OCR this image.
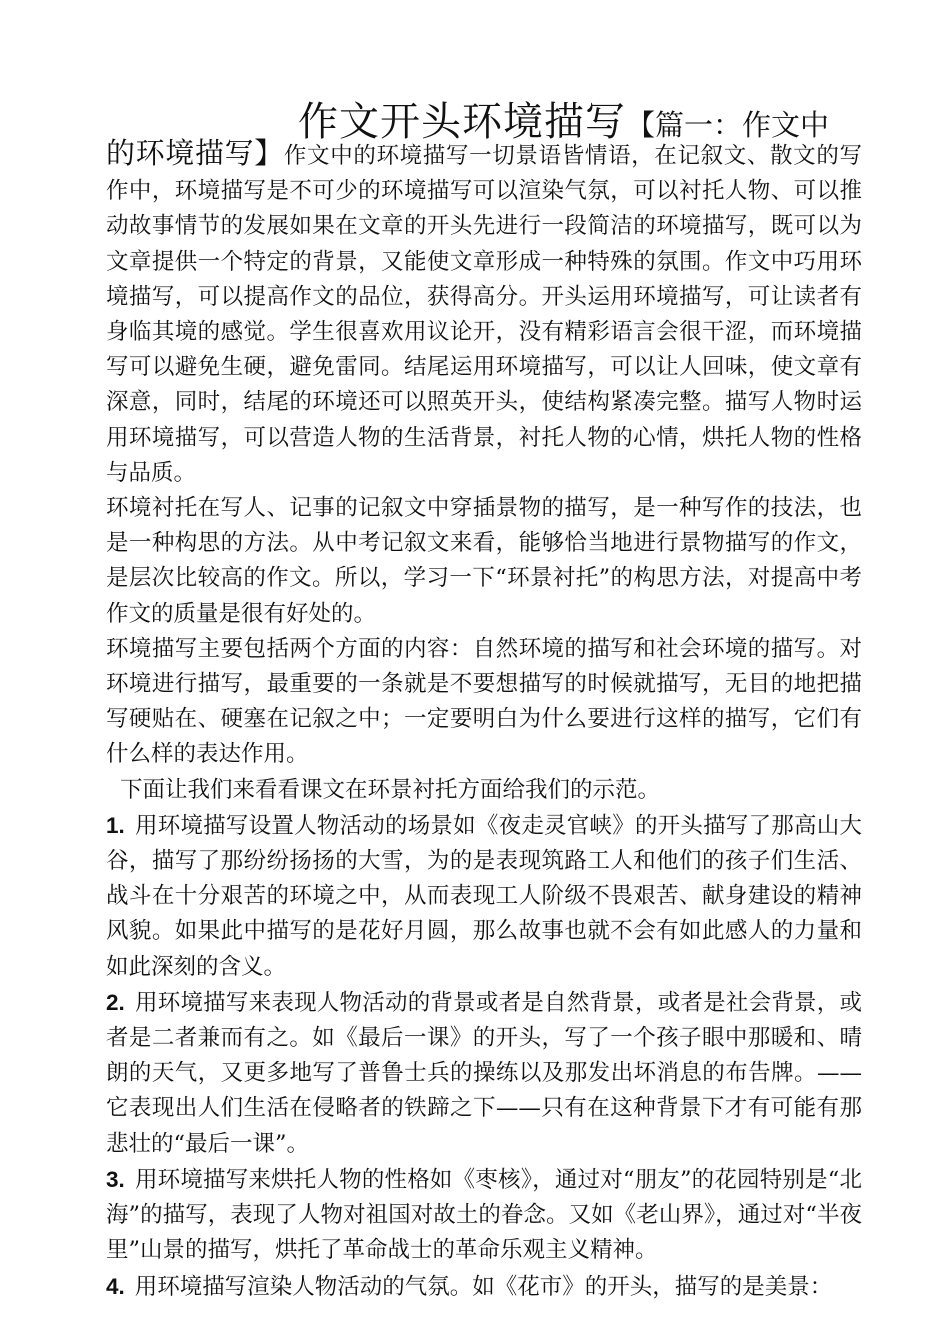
作文开头环境描写【篇一：作文中

的环境描写】作文中的环境描写一切景语皆情语，在记叙文、散文的写作中，环境描写是不可少的环境描写可以渲染气氛，可以衬托人物、可以推动故事情节的发展如果在文章的开头先进行一段简洁的环境描写，既可以为文章提供一个特定的背景，又能使文章形成一种特殊的氛围。作文中巧用环境描写，可以提高作文的品位，获得高分。开头运用环境描写，可让读者有身临其境的感觉。学生很喜欢用议论开，没有精彩语言会很干涩，而环境描写可以避免生硬，避免雷同。结尾运用环境描写，可以让人回味，使文章有深意，同时，结尾的环境还可以照英开头，使结构紧凑完整。描写人物时运用环境描写，可以营造人物的生活背景，衬托人物的心情，烘托人物的性格与品质。

环境衬托在写人、记事的记叙文中穿插景物的描写，是一种写作的技法，也是一种构思的方法。从中考记叙文来看，能够恰当地进行景物描写的作文，是层次比较高的作文。所以，学习一下“环景衬托”的构思方法，对提高中考作文的质量是很有好处的。

环境描写主要包括两个方面的内容：自然环境的描写和社会环境的描写。对环境进行描写，最重要的一条就是不要想描写的时候就描写，无目的地把描写硬贴在、硬塞在记叙之中；一定要明白为什么要进行这样的描写，它们有什么样的表达作用。

下面让我们来看看课文在环景衬托方面给我们的示范。

1. 用环境描写设置人物活动的场景如《夜走灵官峡》的开头描写了那高山大谷，描写了那纷纷扬扬的大雪，为的是表现筑路工人和他们的孩子们生活、战斗在十分艰苦的环境之中，从而表现工人阶级不畏艰苦、献身建设的精神风貌。如果此中描写的是花好月圆，那么故事也就不会有如此感人的力量和如此深刻的含义。

2. 用环境描写来表现人物活动的背景或者是自然背景，或者是社会背景，或者是二者兼而有之。如《最后一课》的开头，写了一个孩子眼中那暖和、晴朗的天气，又更多地写了普鲁士兵的操练以及那发出坏消息的布告牌。——它表现出人们生活在侵略者的铁蹄之下——只有在这种背景下才有可能有那悲壮的“最后一课”。

3. 用环境描写来烘托人物的性格如《枣核》，通过对“朋友”的花园特别是“北海”的描写，表现了人物对祖国对故土的眷念。又如《老山界》，通过对“半夜里”山景的描写，烘托了革命战士的革命乐观主义精神。

4. 用环境描写渲染人物活动的气氛。如《花市》的开头，描写的是美景：
